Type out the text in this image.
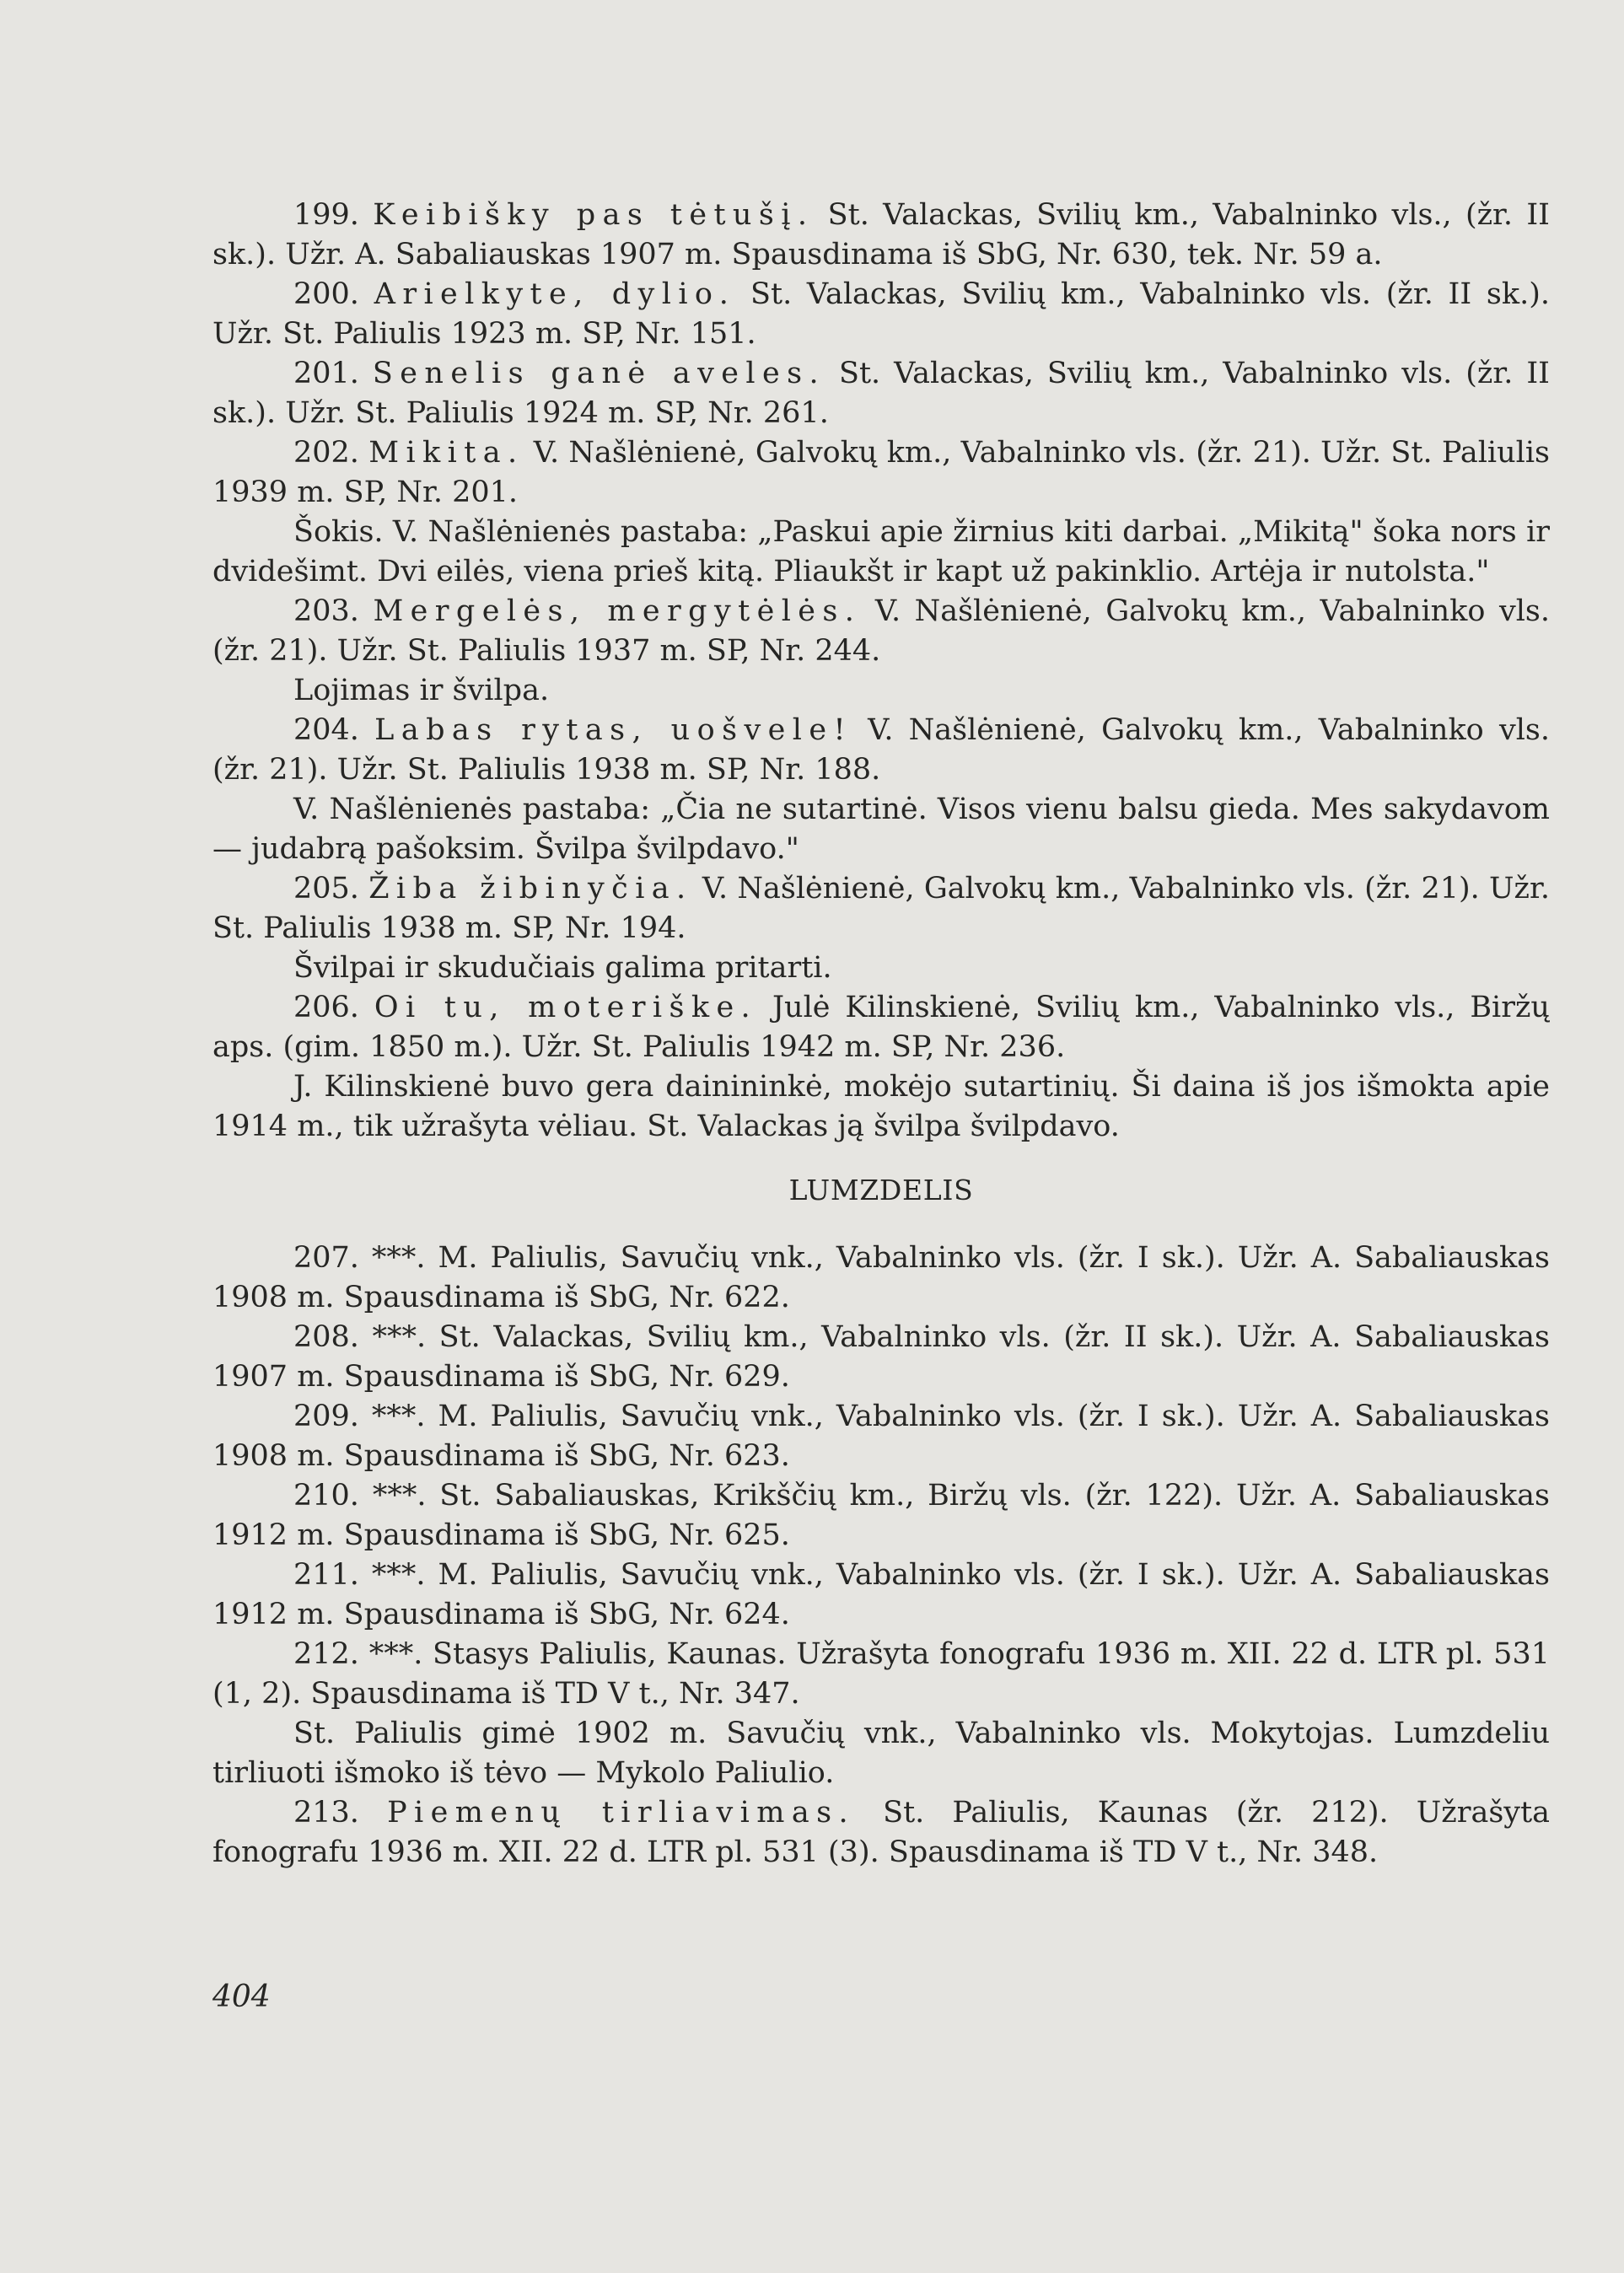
199. Keibišky pas tėtušį. St. Valackas, Svilių km., Vabalninko vls., (žr. II sk.). Užr. A. Sabaliauskas 1907 m. Spausdinama iš SbG, Nr. 630, tek. Nr. 59 a.

200. Arielkyte, dylio. St. Valackas, Svilių km., Vabalninko vls. (žr. II sk.). Užr. St. Paliulis 1923 m. SP, Nr. 151.

201. Senelis ganė aveles. St. Valackas, Svilių km., Vabalninko vls. (žr. II sk.). Užr. St. Paliulis 1924 m. SP, Nr. 261.

202. Mikita. V. Našlėnienė, Galvokų km., Vabalninko vls. (žr. 21). Užr. St. Paliulis 1939 m. SP, Nr. 201.

Šokis. V. Našlėnienės pastaba: „Paskui apie žirnius kiti darbai. „Mikitą" šoka nors ir dvidešimt. Dvi eilės, viena prieš kitą. Pliaukšt ir kapt už pakinklio. Artėja ir nutolsta."

203. Mergelės, mergytėlės. V. Našlėnienė, Galvokų km., Vabalninko vls. (žr. 21). Užr. St. Paliulis 1937 m. SP, Nr. 244.

Lojimas ir švilpa.

204. Labas rytas, uošvele! V. Našlėnienė, Galvokų km., Vabalninko vls. (žr. 21). Užr. St. Paliulis 1938 m. SP, Nr. 188.

V. Našlėnienės pastaba: „Čia ne sutartinė. Visos vienu balsu gieda. Mes sakydavom — judabrą pašoksim. Švilpa švilpdavo."

205. Žiba žibinyčia. V. Našlėnienė, Galvokų km., Vabalninko vls. (žr. 21). Užr. St. Paliulis 1938 m. SP, Nr. 194.

Švilpai ir skudučiais galima pritarti.

206. Oi tu, moteriške. Julė Kilinskienė, Svilių km., Vabalninko vls., Biržų aps. (gim. 1850 m.). Užr. St. Paliulis 1942 m. SP, Nr. 236.

J. Kilinskienė buvo gera dainininkė, mokėjo sutartinių. Ši daina iš jos išmokta apie 1914 m., tik užrašyta vėliau. St. Valackas ją švilpa švilpdavo.

LUMZDELIS

207. ***. M. Paliulis, Savučių vnk., Vabalninko vls. (žr. I sk.). Užr. A. Sabaliauskas 1908 m. Spausdinama iš SbG, Nr. 622.

208. ***. St. Valackas, Svilių km., Vabalninko vls. (žr. II sk.). Užr. A. Sabaliauskas 1907 m. Spausdinama iš SbG, Nr. 629.

209. ***. M. Paliulis, Savučių vnk., Vabalninko vls. (žr. I sk.). Užr. A. Sabaliauskas 1908 m. Spausdinama iš SbG, Nr. 623.

210. ***. St. Sabaliauskas, Krikščių km., Biržų vls. (žr. 122). Užr. A. Sabaliauskas 1912 m. Spausdinama iš SbG, Nr. 625.

211. ***. M. Paliulis, Savučių vnk., Vabalninko vls. (žr. I sk.). Užr. A. Sabaliauskas 1912 m. Spausdinama iš SbG, Nr. 624.

212. ***. Stasys Paliulis, Kaunas. Užrašyta fonografu 1936 m. XII. 22 d. LTR pl. 531 (1, 2). Spausdinama iš TD V t., Nr. 347.

St. Paliulis gimė 1902 m. Savučių vnk., Vabalninko vls. Mokytojas. Lumzdeliu tirliuoti išmoko iš tėvo — Mykolo Paliulio.

213. Piemenų tirliavimas. St. Paliulis, Kaunas (žr. 212). Užrašyta fonografu 1936 m. XII. 22 d. LTR pl. 531 (3). Spausdinama iš TD V t., Nr. 348.

404
